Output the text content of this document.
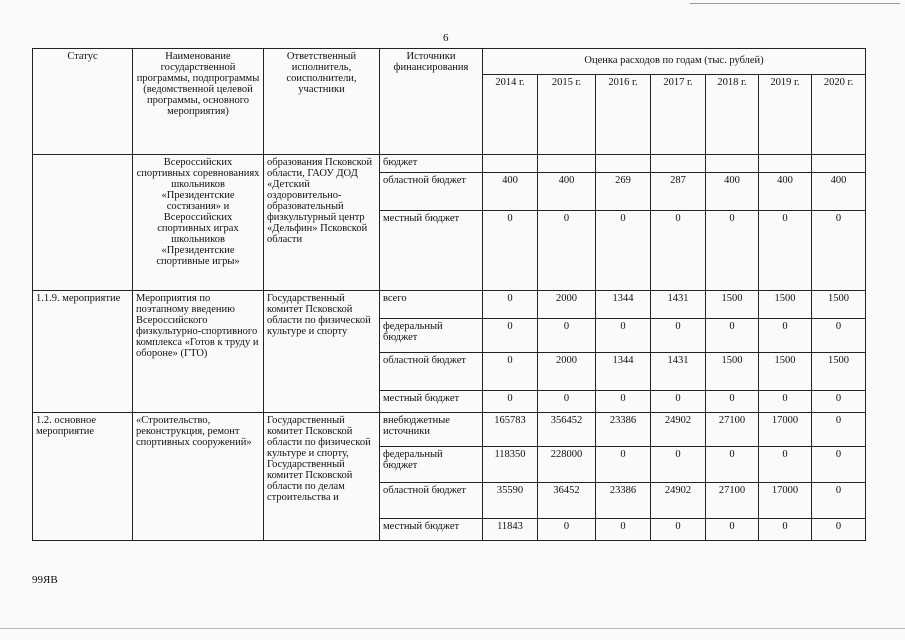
6
Статус	Наименование государственной программы, подпрограммы (ведомственной целевой программы, основного мероприятия)	Ответственный исполнитель, соисполнители, участники	Источники финансирования	Оценка расходов по годам (тыс. рублей)						
				2014 г.	2015 г.	2016 г.	2017 г.	2018 г.	2019 г.	2020 г.
	Всероссийских спортивных соревнованиях школьников «Президентские состязания» и Всероссийских спортивных играх школьников «Президентские спортивные игры»	образования Псковской области, ГАОУ ДОД «Детский оздоровительно-образовательный физкультурный центр «Дельфин» Псковской области	бюджет							
			областной бюджет	400	400	269	287	400	400	400
			местный бюджет	0	0	0	0	0	0	0
1.1.9. мероприятие	Мероприятия по поэтапному введению Всероссийского физкультурно-спортивного комплекса «Готов к труду и обороне» (ГТО)	Государственный комитет Псковской области по физической культуре и спорту	всего	0	2000	1344	1431	1500	1500	1500
			федеральный бюджет	0	0	0	0	0	0	0
			областной бюджет	0	2000	1344	1431	1500	1500	1500
			местный бюджет	0	0	0	0	0	0	0
1.2. основное мероприятие	«Строительство, реконструкция, ремонт спортивных сооружений»	Государственный комитет Псковской области по физической культуре и спорту, Государственный комитет Псковской области по делам строительства и	внебюджетные источники	165783	356452	23386	24902	27100	17000	0
			федеральный бюджет	118350	228000	0	0	0	0	0
			областной бюджет	35590	36452	23386	24902	27100	17000	0
			местный бюджет	11843	0	0	0	0	0	0
99ЯВ
